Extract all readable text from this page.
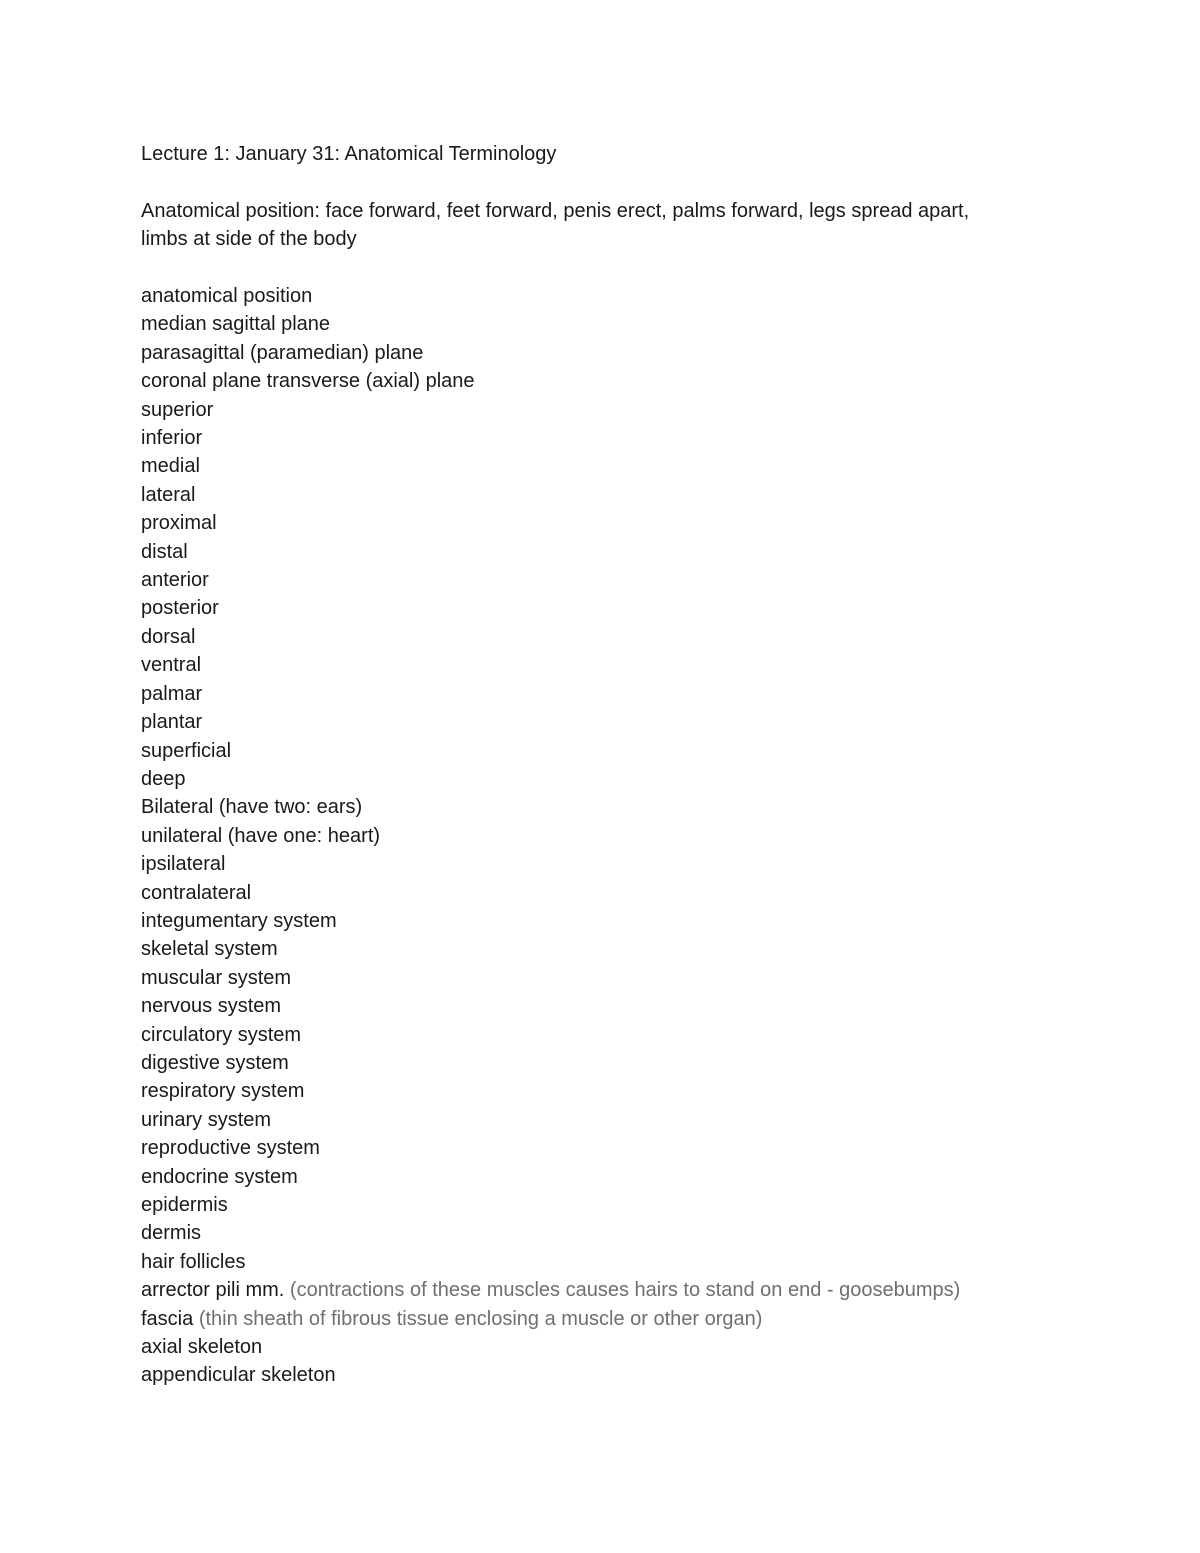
Lecture 1: January 31: Anatomical Terminology

Anatomical position: face forward, feet forward, penis erect, palms forward, legs spread apart,

limbs at side of the body

anatomical position

median sagittal plane

parasagittal (paramedian) plane

coronal plane transverse (axial) plane

superior

inferior

medial

lateral

proximal

distal

anterior

posterior

dorsal

ventral

palmar

plantar

superficial

deep

Bilateral (have two: ears)

unilateral (have one: heart)

ipsilateral

contralateral

integumentary system

skeletal system

muscular system

nervous system

circulatory system

digestive system

respiratory system

urinary system

reproductive system

endocrine system

epidermis

dermis

hair follicles

arrector pili mm. (contractions of these muscles causes hairs to stand on end - goosebumps)

fascia (thin sheath of fibrous tissue enclosing a muscle or other organ)

axial skeleton

appendicular skeleton
